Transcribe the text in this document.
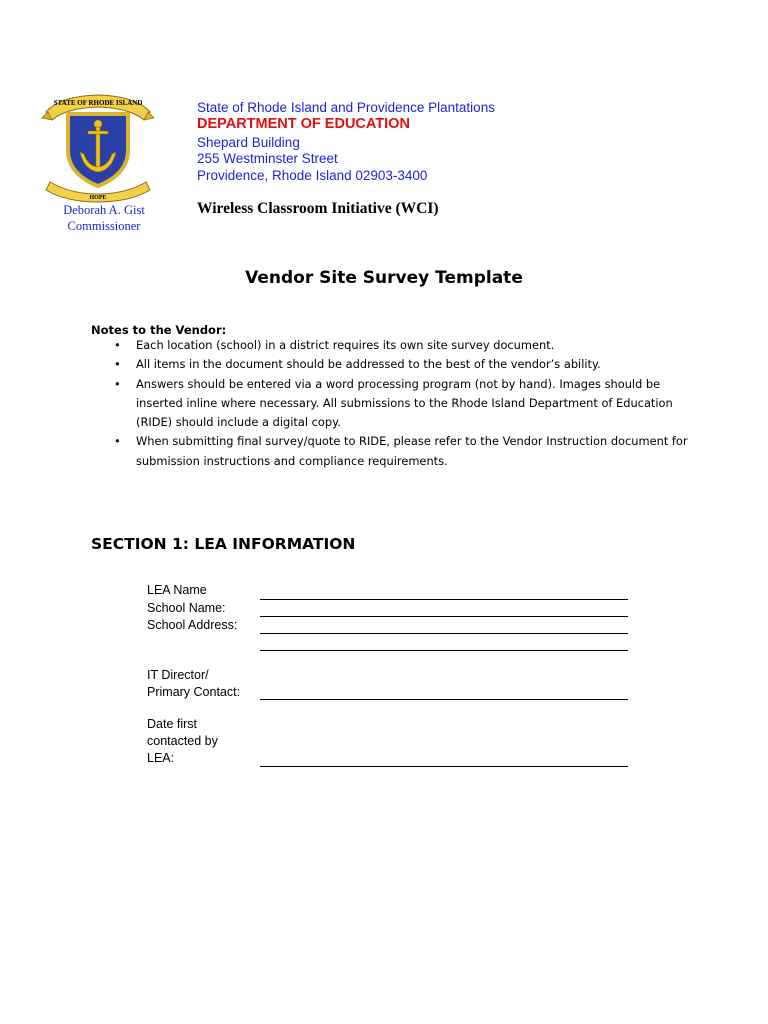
STATE OF RHODE ISLAND
HOPE
State of Rhode Island and Providence Plantations
DEPARTMENT OF EDUCATION
Shepard Building
255 Westminster Street
Providence, Rhode Island 02903-3400
Deborah A. Gist
Commissioner
Wireless Classroom Initiative (WCI)
Vendor Site Survey Template
Notes to the Vendor:
• Each location (school) in a district requires its own site survey document.
• All items in the document should be addressed to the best of the vendor’s ability.
• Answers should be entered via a word processing program (not by hand). Images should be inserted inline where necessary. All submissions to the Rhode Island Department of Education (RIDE) should include a digital copy.
• When submitting final survey/quote to RIDE, please refer to the Vendor Instruction document for submission instructions and compliance requirements.
SECTION 1: LEA INFORMATION
LEA Name
School Name:
School Address:
IT Director/
Primary Contact:
Date first
contacted by
LEA:
